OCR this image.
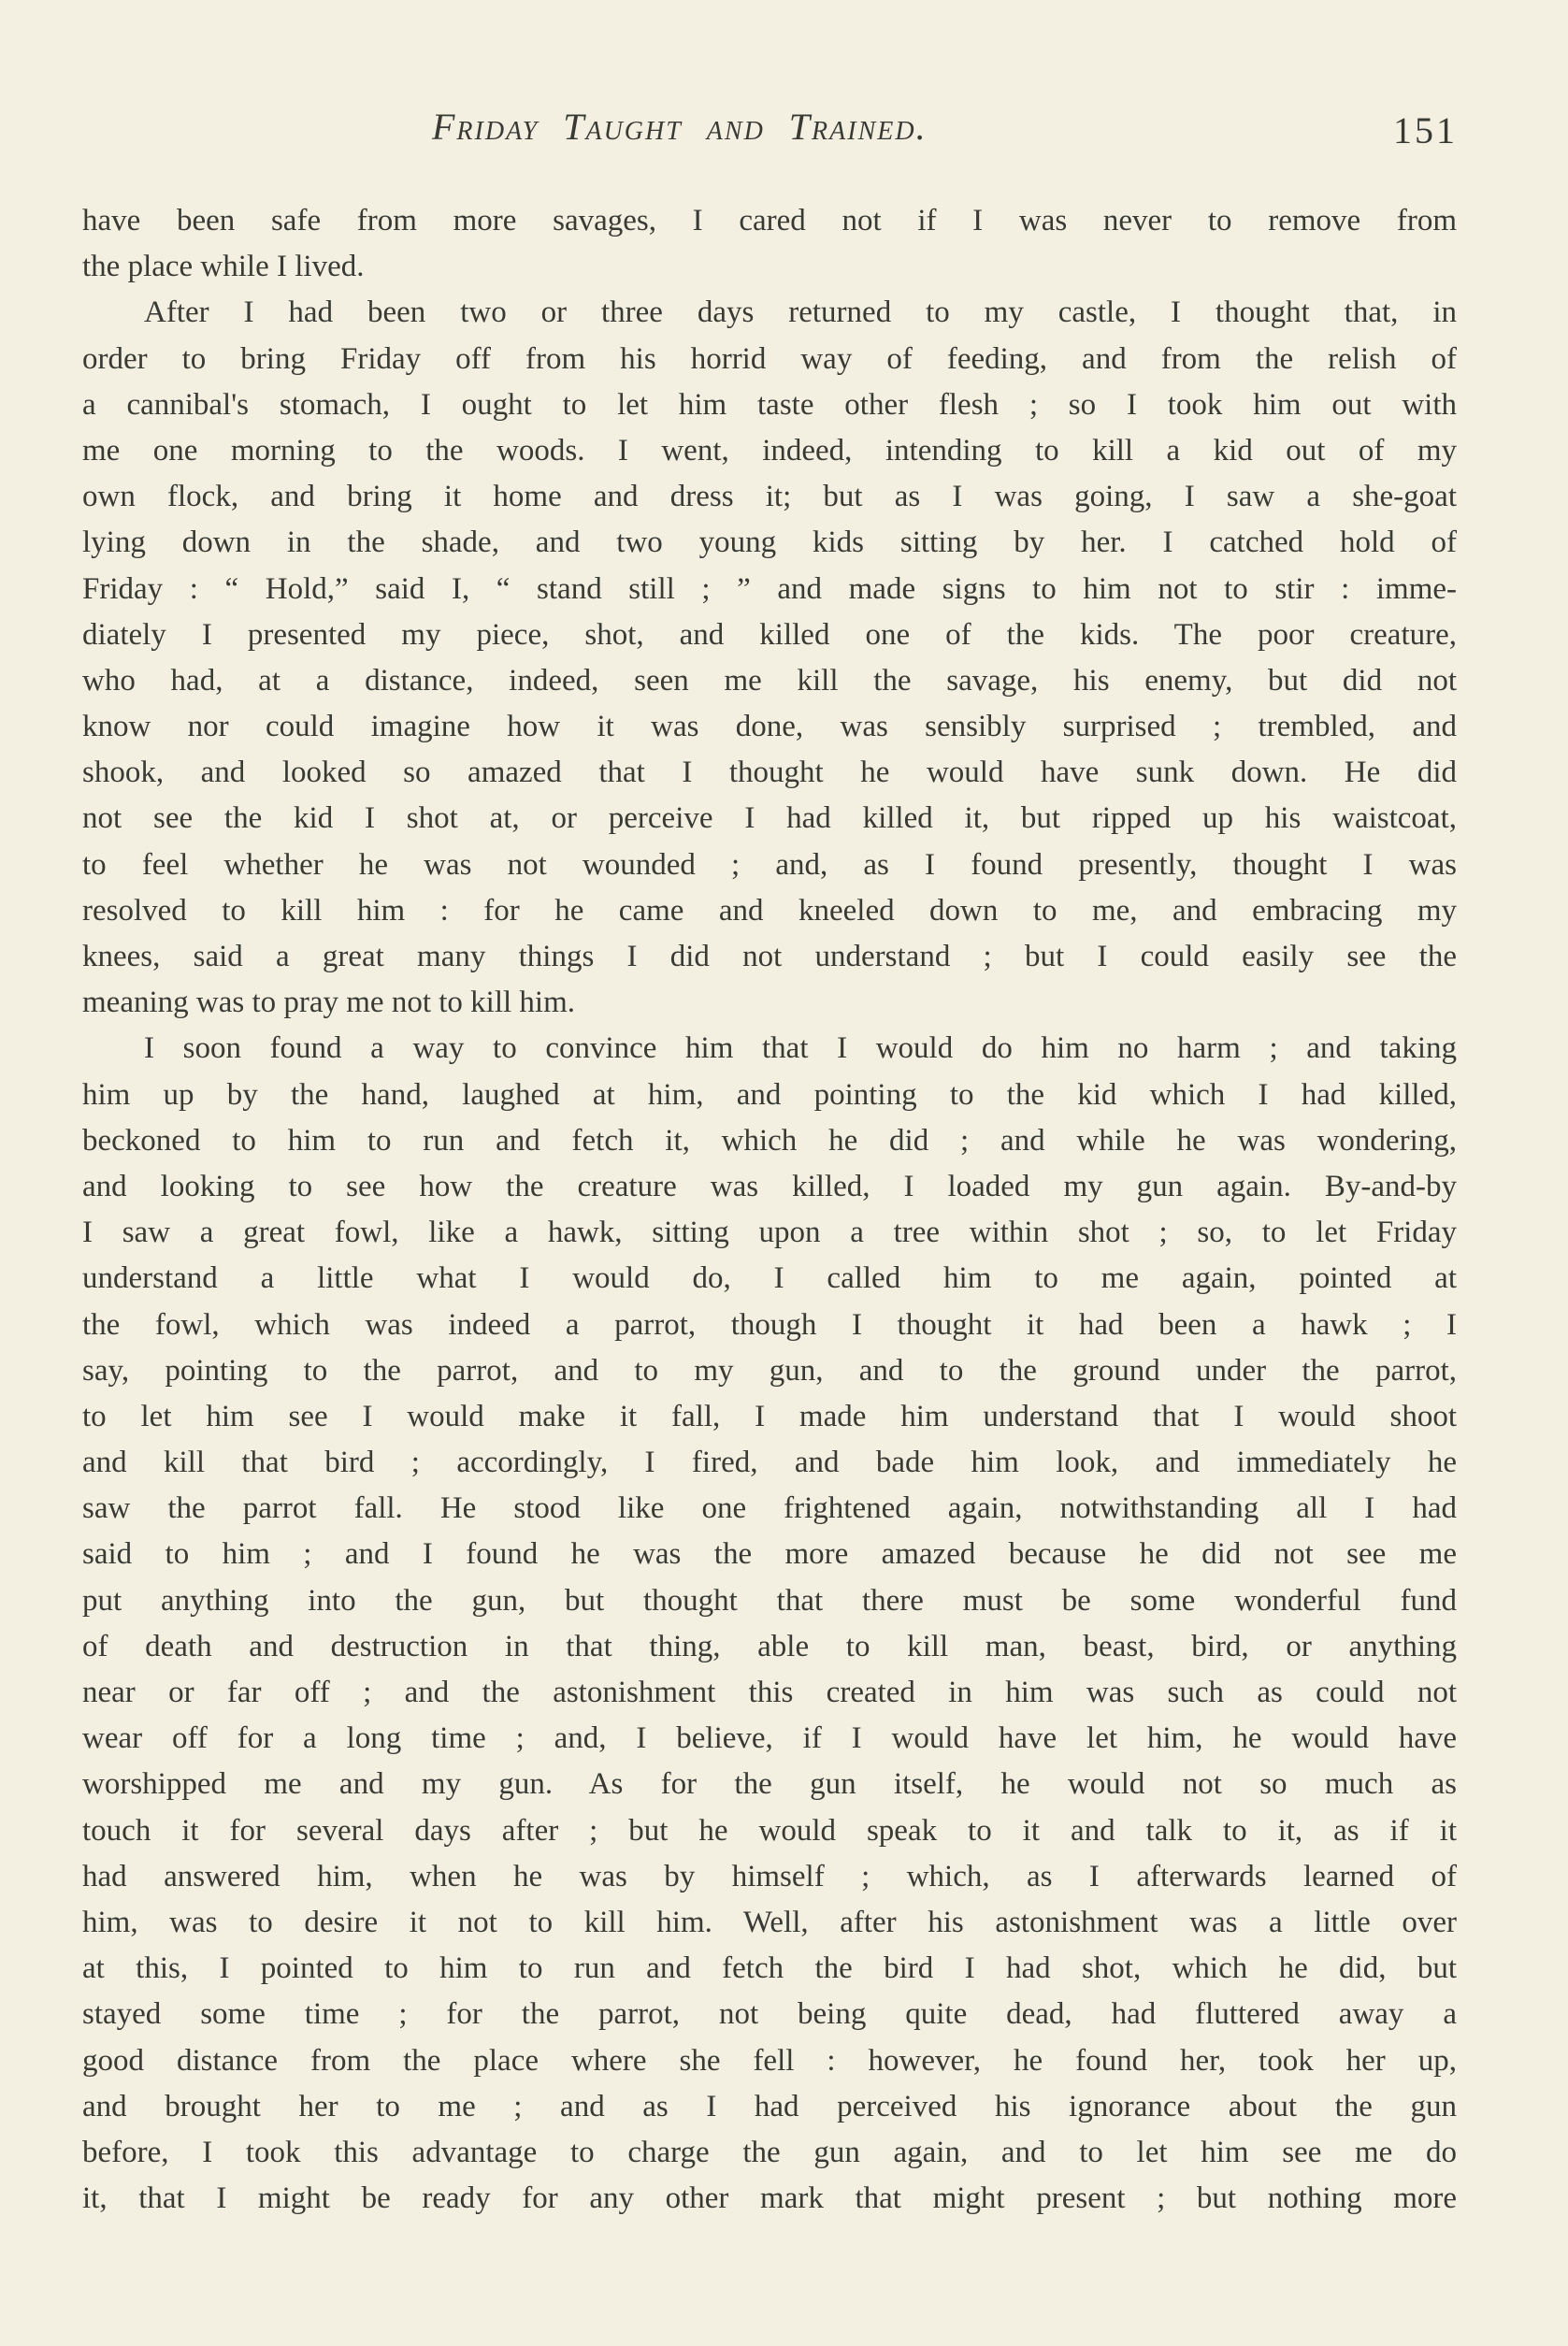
Friday Taught and Trained.	151
have been safe from more savages, I cared not if I was never to remove from
the place while I lived.
After I had been two or three days returned to my castle, I thought that, in
order to bring Friday off from his horrid way of feeding, and from the relish of
a cannibal's stomach, I ought to let him taste other flesh ; so I took him out with
me one morning to the woods. I went, indeed, intending to kill a kid out of my
own flock, and bring it home and dress it; but as I was going, I saw a she-goat
lying down in the shade, and two young kids sitting by her. I catched hold of
Friday : “ Hold,” said I, “ stand still ; ” and made signs to him not to stir : imme-
diately I presented my piece, shot, and killed one of the kids. The poor creature,
who had, at a distance, indeed, seen me kill the savage, his enemy, but did not
know nor could imagine how it was done, was sensibly surprised ; trembled, and
shook, and looked so amazed that I thought he would have sunk down. He did
not see the kid I shot at, or perceive I had killed it, but ripped up his waistcoat,
to feel whether he was not wounded ; and, as I found presently, thought I was
resolved to kill him : for he came and kneeled down to me, and embracing my
knees, said a great many things I did not understand ; but I could easily see the
meaning was to pray me not to kill him.
I soon found a way to convince him that I would do him no harm ; and taking
him up by the hand, laughed at him, and pointing to the kid which I had killed,
beckoned to him to run and fetch it, which he did ; and while he was wondering,
and looking to see how the creature was killed, I loaded my gun again. By-and-by
I saw a great fowl, like a hawk, sitting upon a tree within shot ; so, to let Friday
understand a little what I would do, I called him to me again, pointed at
the fowl, which was indeed a parrot, though I thought it had been a hawk ; I
say, pointing to the parrot, and to my gun, and to the ground under the parrot,
to let him see I would make it fall, I made him understand that I would shoot
and kill that bird ; accordingly, I fired, and bade him look, and immediately he
saw the parrot fall. He stood like one frightened again, notwithstanding all I had
said to him ; and I found he was the more amazed because he did not see me
put anything into the gun, but thought that there must be some wonderful fund
of death and destruction in that thing, able to kill man, beast, bird, or anything
near or far off ; and the astonishment this created in him was such as could not
wear off for a long time ; and, I believe, if I would have let him, he would have
worshipped me and my gun. As for the gun itself, he would not so much as
touch it for several days after ; but he would speak to it and talk to it, as if it
had answered him, when he was by himself ; which, as I afterwards learned of
him, was to desire it not to kill him. Well, after his astonishment was a little over
at this, I pointed to him to run and fetch the bird I had shot, which he did, but
stayed some time ; for the parrot, not being quite dead, had fluttered away a
good distance from the place where she fell : however, he found her, took her up,
and brought her to me ; and as I had perceived his ignorance about the gun
before, I took this advantage to charge the gun again, and to let him see me do
it, that I might be ready for any other mark that might present ; but nothing more
